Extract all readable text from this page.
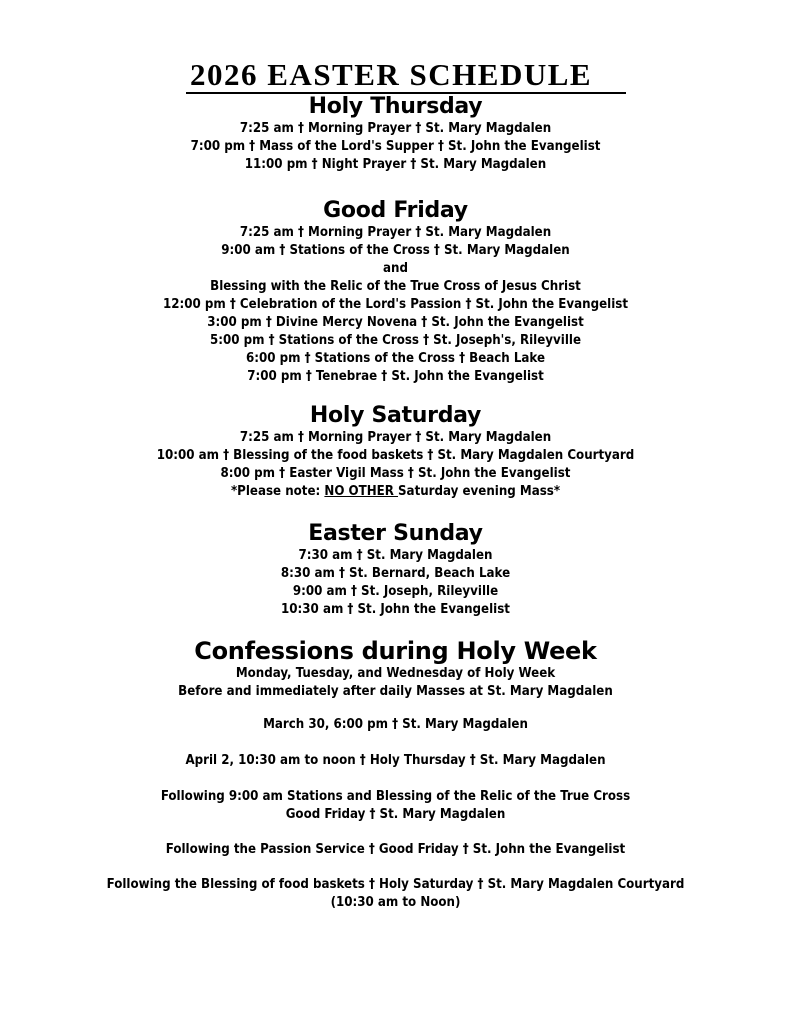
2026 EASTER SCHEDULE
Holy Thursday
7:25 am † Morning Prayer † St. Mary Magdalen
7:00 pm † Mass of the Lord's Supper † St. John the Evangelist
11:00 pm † Night Prayer † St. Mary Magdalen
Good Friday
7:25 am † Morning Prayer † St. Mary Magdalen
9:00 am † Stations of the Cross † St. Mary Magdalen
and
Blessing with the Relic of the True Cross of Jesus Christ
12:00 pm † Celebration of the Lord's Passion † St. John the Evangelist
3:00 pm † Divine Mercy Novena † St. John the Evangelist
5:00 pm † Stations of the Cross † St. Joseph's, Rileyville
6:00 pm † Stations of the Cross † Beach Lake
7:00 pm † Tenebrae † St. John the Evangelist
Holy Saturday
7:25 am † Morning Prayer † St. Mary Magdalen
10:00 am † Blessing of the food baskets † St. Mary Magdalen Courtyard
8:00 pm † Easter Vigil Mass † St. John the Evangelist
*Please note: NO OTHER Saturday evening Mass*
Easter Sunday
7:30 am † St. Mary Magdalen
8:30 am † St. Bernard, Beach Lake
9:00 am † St. Joseph, Rileyville
10:30 am † St. John the Evangelist
Confessions during Holy Week
Monday, Tuesday, and Wednesday of Holy Week
Before and immediately after daily Masses at St. Mary Magdalen
March 30, 6:00 pm † St. Mary Magdalen
April 2, 10:30 am to noon † Holy Thursday † St. Mary Magdalen
Following 9:00 am Stations and Blessing of the Relic of the True Cross
Good Friday † St. Mary Magdalen
Following the Passion Service † Good Friday † St. John the Evangelist
Following the Blessing of food baskets † Holy Saturday † St. Mary Magdalen Courtyard
(10:30 am to Noon)
